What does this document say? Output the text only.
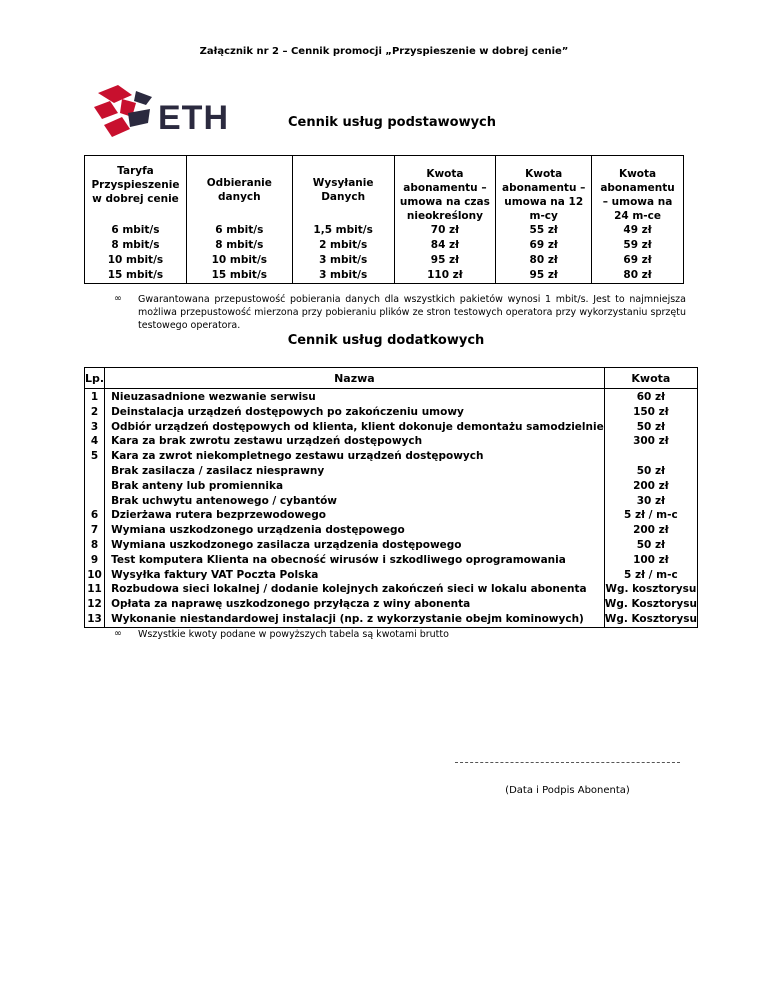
Załącznik nr 2 – Cennik promocji „Przyspieszenie w dobrej cenie”
ETH	Cennik usług podstawowych
Taryfa Przyspieszenie w dobrej cenie	Odbieranie danych	Wysyłanie Danych	Kwota abonamentu – umowa na czas nieokreślony	Kwota abonamentu – umowa na 12 m-cy	Kwota abonamentu – umowa na 24 m-ce
6 mbit/s	6 mbit/s	1,5 mbit/s	70 zł	55 zł	49 zł
8 mbit/s	8 mbit/s	2 mbit/s	84 zł	69 zł	59 zł
10 mbit/s	10 mbit/s	3 mbit/s	95 zł	80 zł	69 zł
15 mbit/s	15 mbit/s	3 mbit/s	110 zł	95 zł	80 zł
∞ Gwarantowana przepustowość pobierania danych dla wszystkich pakietów wynosi 1 mbit/s. Jest to najmniejsza możliwa przepustowość mierzona przy pobieraniu plików ze stron testowych operatora przy wykorzystaniu sprzętu testowego operatora.
Cennik usług dodatkowych
Lp.	Nazwa	Kwota
1	Nieuzasadnione wezwanie serwisu	60 zł
2	Deinstalacja urządzeń dostępowych po zakończeniu umowy	150 zł
3	Odbiór urządzeń dostępowych od klienta, klient dokonuje demontażu samodzielnie	50 zł
4	Kara za brak zwrotu zestawu urządzeń dostępowych	300 zł
5	Kara za zwrot niekompletnego zestawu urządzeń dostępowych	
	Brak zasilacza / zasilacz niesprawny	50 zł
	Brak anteny lub promiennika	200 zł
	Brak uchwytu antenowego / cybantów	30 zł
6	Dzierżawa rutera bezprzewodowego	5 zł / m-c
7	Wymiana uszkodzonego urządzenia dostępowego	200 zł
8	Wymiana uszkodzonego zasilacza urządzenia dostępowego	50 zł
9	Test komputera Klienta na obecność wirusów i szkodliwego oprogramowania	100 zł
10	Wysyłka faktury VAT Poczta Polska	5 zł / m-c
11	Rozbudowa sieci lokalnej / dodanie kolejnych zakończeń sieci w lokalu abonenta	Wg. kosztorysu
12	Opłata za naprawę uszkodzonego przyłącza z winy abonenta	Wg. Kosztorysu
13	Wykonanie niestandardowej instalacji (np. z wykorzystanie obejm kominowych)	Wg. Kosztorysu
∞ Wszystkie kwoty podane w powyższych tabela są kwotami brutto
(Data i Podpis Abonenta)
